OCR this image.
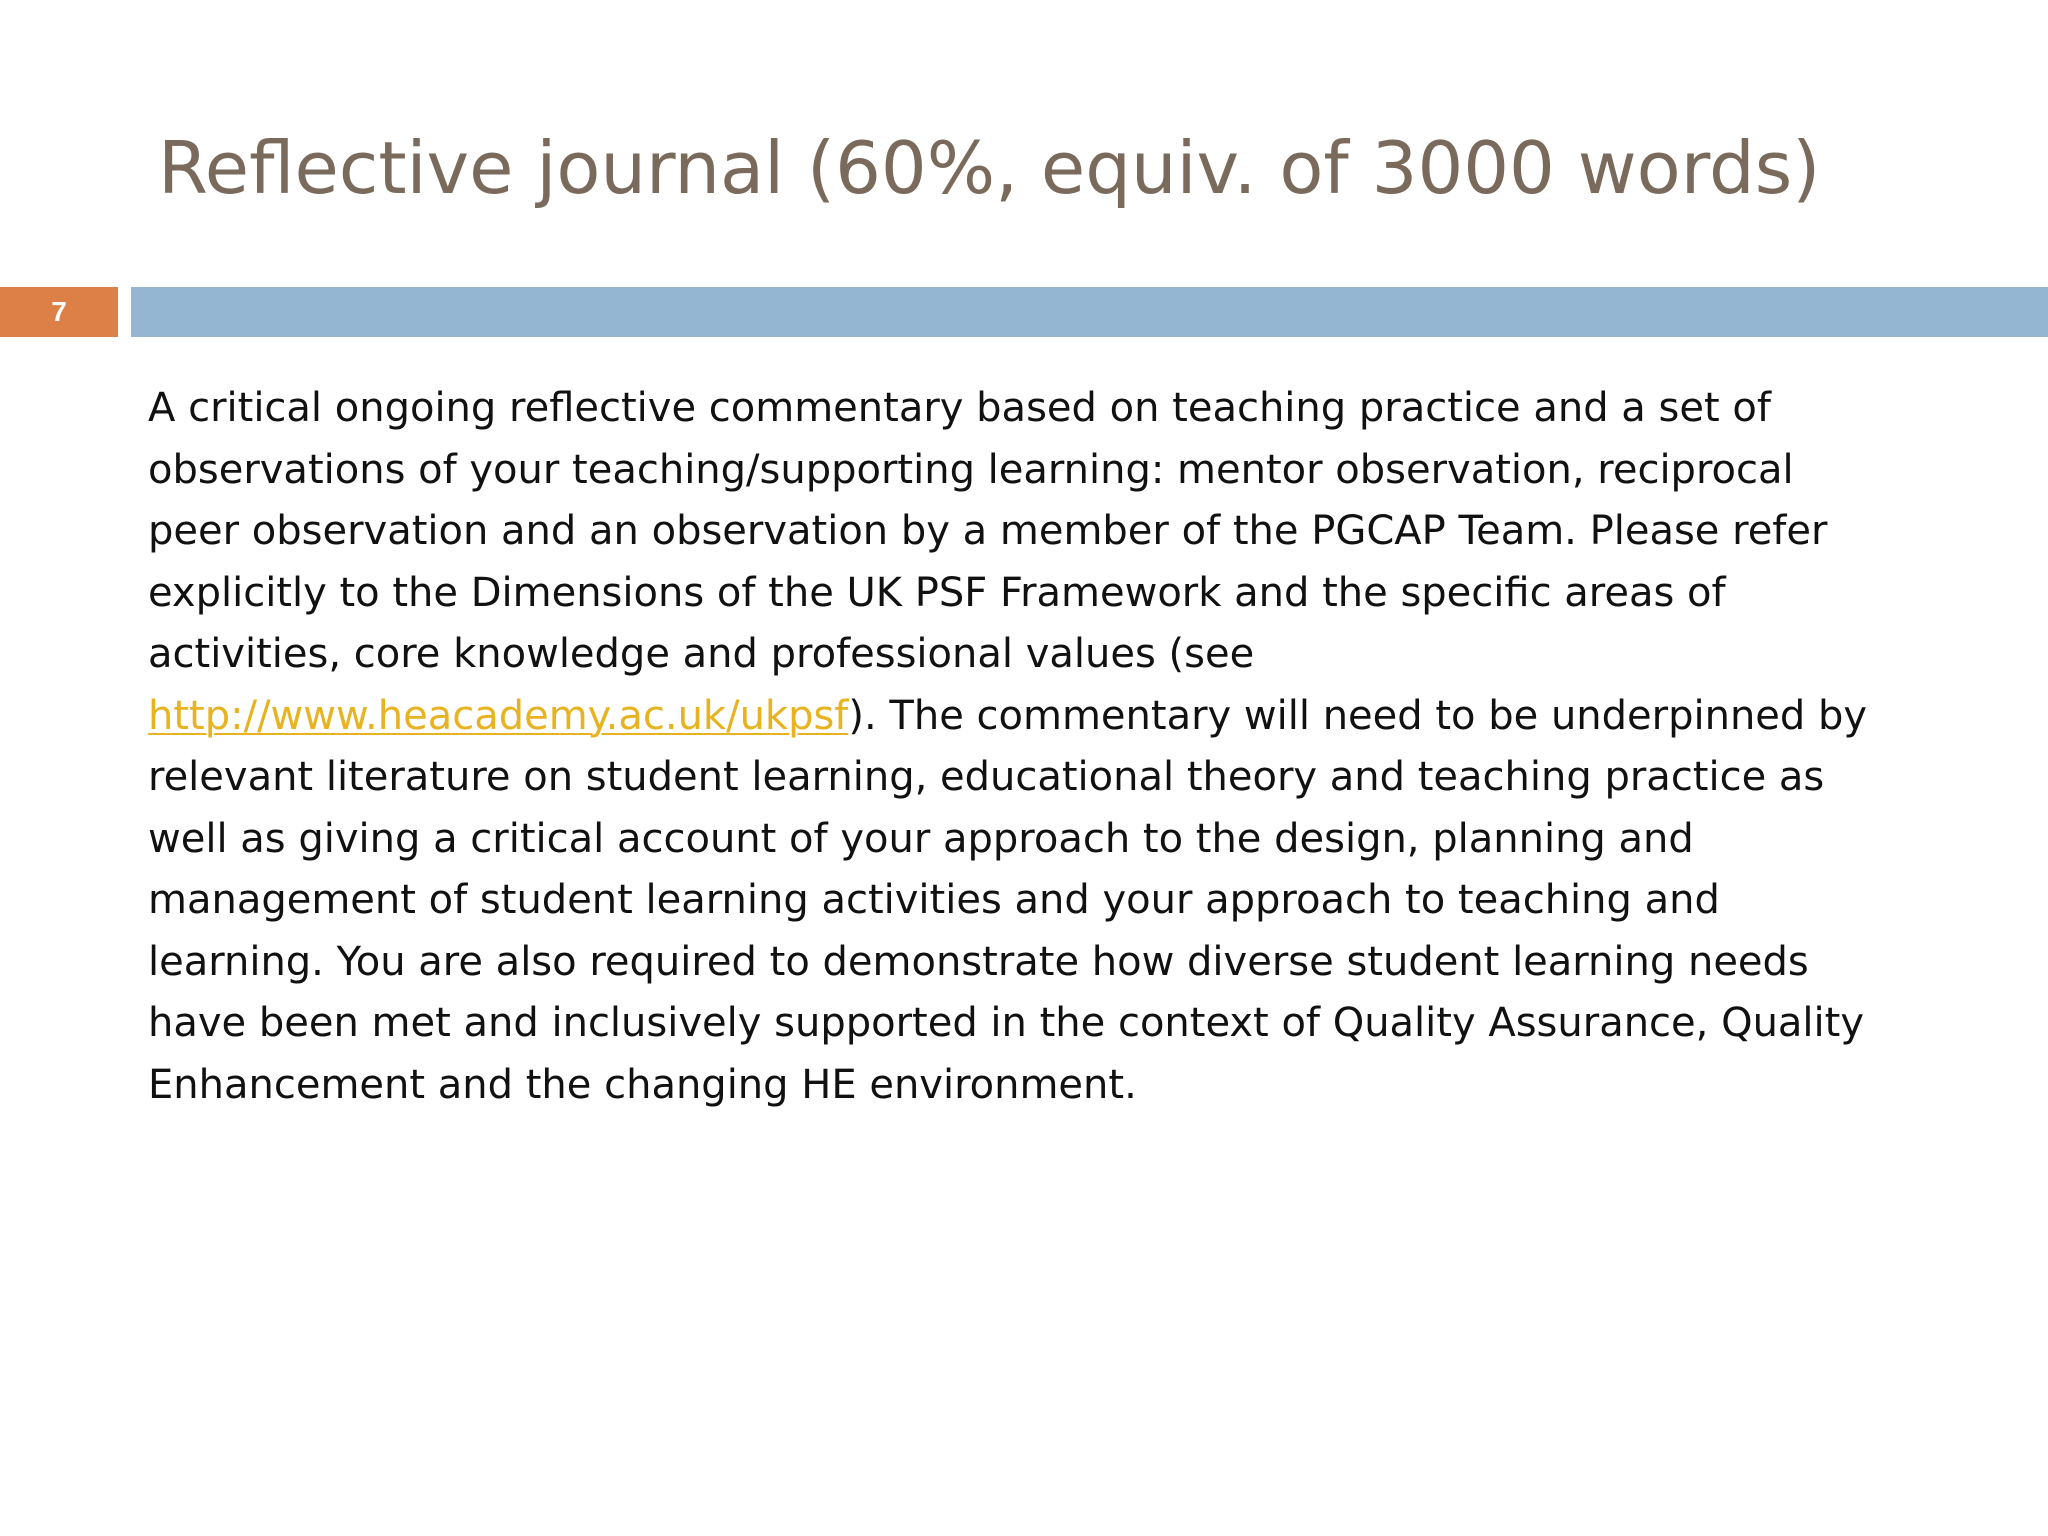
Reflective journal (60%, equiv. of 3000 words)
7

A critical ongoing reflective commentary based on teaching practice and a set of observations of your teaching/supporting learning: mentor observation, reciprocal peer observation and an observation by a member of the PGCAP Team. Please refer explicitly to the Dimensions of the UK PSF Framework and the specific areas of activities, core knowledge and professional values (see http://www.heacademy.ac.uk/ukpsf). The commentary will need to be underpinned by relevant literature on student learning, educational theory and teaching practice as well as giving a critical account of your approach to the design, planning and management of student learning activities and your approach to teaching and learning. You are also required to demonstrate how diverse student learning needs have been met and inclusively supported in the context of Quality Assurance, Quality Enhancement and the changing HE environment.
